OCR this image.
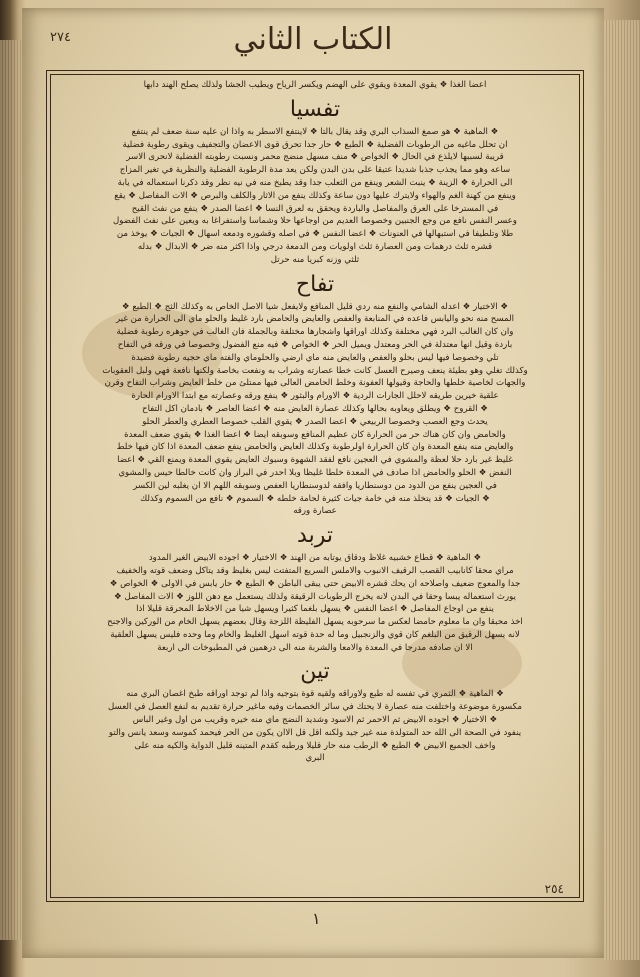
الكتاب الثاني
٢٧٤
اعضا الغذا ❖ يقوي المعدة ويقوي على الهضم ويكسر الرياح ويطيب الجشا ولذلك يصلح الهند دابها
تفسيا
❖ الماهية ❖ هو صمغ السذاب البري وقد يقال بالتا ❖ لاينتفع الاسطر به واذا ان عليه سنة ضعف لم ينتفع
ان تحلل ماغيه من الرطوبات الفضلية ❖ الطبع ❖ حار جدا تحرق قوى الاعضان والتجفيف ويقوى رطوبة فضلية
قريبة لسببها لايلذع في الحال ❖ الخواص ❖ منف مسهل منضج محمر ونسبت رطوبته الفضلية لانحرى الاسر
ساعه وهو مما يجذب جذبا شديدا عتيقا على بدن البدن ولكن يعد مدة الرطوبة الفضلية والنظرية في تغير المزاج
الى الحرارة ❖ الزينة ❖ ينبت الشعر وينفع من الثعلب جدا وقد يطبخ منه في نيه نظر وقد ذكرنا استعماله في يابة
وينفع من كهنة الغم والهواء ولايترك عليها دون ساعة وكذلك ينفع من الاثار والكلف والبرص ❖ الات المفاصل ❖ يقع
في المسترخا على العرق والمفاصل والباردة ويحقق به لعرق النسا ❖ اعضا الصدر ❖ ينفع من نفث القيح
وعسر النفس نافع من وجع الجنبين وخصوصا العديم من اوجاعها حلا وشماسا واستفراغا به ويعين على نفث الفضول
طلا وتلطيفا في استبهالها في العنونات ❖ اعضا النفس ❖ في اصله وقشوره ودمعه اسهال ❖ الجيات ❖ يوخذ من
قشره ثلث درهمات ومن العصارة ثلث اولويات ومن الدمعة درجي واذا اكثر منه ضر ❖ الابدال ❖ بدله
ثلثي وزنه كبريا منه حرتل
تفاح
❖ الاختيار ❖ اعدله الشامي والنفع منه ردي قليل المنافع ولايفعل شيا الاصل الخاص به وكذلك الثج ❖ الطبع ❖
المسح منه نحو واليابس فاعده في المنابعة والعفص والعايض والحامض بارد غليظ والحلو ماي الى الحرارة من غير
وان كان الغالب البرد فهي مختلفة وكذلك اوراقها واشجارها مختلفة وبالجملة فان الغالب في جوهره رطوبة فضلية
باردة وقيل انها معتدلة في الحر ومعتدل ويميل الحر ❖ الخواص ❖ فيه منع الفضول وخصوصا في ورقه في التفاح
تلي وخصوصا فيها ليس بحلو والعفص والعايض منه ماي ارضي والحلوماي والفته ماي حجيه رطوبة فضيدة
وكذلك تغلي وهو بطيئة ينعف وصيرح العسل كانت خطا عصارته وشراب به ونفعت بخاصة ولكنها نافعة فهي ولبل العقوبات
والجهات لخاصية خلطها والحاجة وقيولها العفونة وخلط الحامض العالى فيها ممتلئ من خلط العايض وشراب التفاح وقرن
علقية خيرين طريقه لاحلل الجارات الردية ❖ الاورام والبثور ❖ ينفع ورقه وعصارته مع ابتدا الاورام الحارة
❖ القروح ❖ ويطلق ويعاوبه بحالها وكذلك عصارة العايض منه ❖ اعضا العاصر ❖ بادمان اكل التفاح
يحدث وجع العصب وخصوصا الربيعي ❖ اعضا الصدر ❖ يقوي القلب خصوصا العطري والعطر الحلو
والحامض وان كان هناك حر من الحرارة كان عظيم المنافع وسوبقه ايضا ❖ اعضا الغذا ❖ يقوي ضعف المعدة
والعايض منه ينفع المعدة وان كان الحرارة اولرطوبة وكذلك العايض والحامض ينفع ضعف المعدة اذا كان فيها خلط
غليظ غير بارد حلا لعظة والمشوي في العجين نافع لفقد الشهوة وسبوك العايض يقوي المعدة ويمنع القي ❖ اعضا
النفض ❖ الحلو والحامض اذا صادف في المعدة خلطا غليظا وبلا احدر في البراز وان كانت خالطا حيس والمشوي
في العجين ينفع من الدود من دوسنطاريا وافقه لدوسنطاريا العفص وسوبقه اللهم الا ان يغلبه لين الكسر
❖ الجيات ❖ قد يتخلذ منه في خامة جيات كثيرة لحامة خلطه ❖ السموم ❖ نافع من السموم وكذلك
عصارة ورقه
تربد
❖ الماهية ❖ قطاع خشبيه غلاظ ودقاق يوتابه من الهند ❖ الاختيار ❖ اجوده الابيض الغير المدود
مراي محقا كانابيب القصب الرقيف الانبوب والاملس السريع المتفتت ليس بغليظ وقد يتاكل وضعف قوته والخفيف
جدا والمعوج ضعيف واصلاحه ان يحك قشره الابيض حتى يبقى الباطن ❖ الطبع ❖ حار يابس في الاولى ❖ الخواص ❖
يورث استعماله يبسا وحقا في البدن لانه يخرج الرطوبات الرقيقة ولذلك يستعمل مع دهن اللوز ❖ الات المفاصل ❖
ينفع من اوجاع المفاصل ❖ اعضا النفس ❖ يسهل بلغما كثيرا ويسهل شيا من الاخلاط المحرقة قليلا اذا
اخذ محبقا وان ما معلوم حامضا لعكس ما سرحوبه يسهل الفليظة اللزجة وقال بعضهم يسهل الخام من الوركين والاجنح
لانه يسهل الرقيق من البلغم كان قوي والزنجبيل وما له حدة قوته اسهل الغليظ والخام وما وحده فليس يسهل العلقية
الا ان صادفه مدرجا في المعدة والامعا والشربة منه الى درهمين في المطبوخات الى اربعة
تين
❖ الماهية ❖ الثمري في تفسه له طبع ولاوراقه ولقيه قوة بتوجيه واذا لم توجد اوراقه طبخ اغصان البري منه
مكسورة موضوعة واختلفت منه عصارة لا يحتك في سائر الخصمات وفيه ماغير حرارة تقديم به لنفع العصل في العسل
❖ الاختيار ❖ اجوده الابيض ثم الاحمر ثم الاسود وشديد النضج ماي منه خيره وقريب من اول وغير الباس
ينفود في الصحة الى الله حد المتولدة منه غير جيد ولكنه اقل قل الاان يكون من الحر فيحمد كموسه وسعد يانس والتو
واخف الجميع الابيض ❖ الطبع ❖ الرطب منه حار قليلا ورطبه كقدم المتينه قليل الدواية والكيه منه على
البري
٢٥٤
١
